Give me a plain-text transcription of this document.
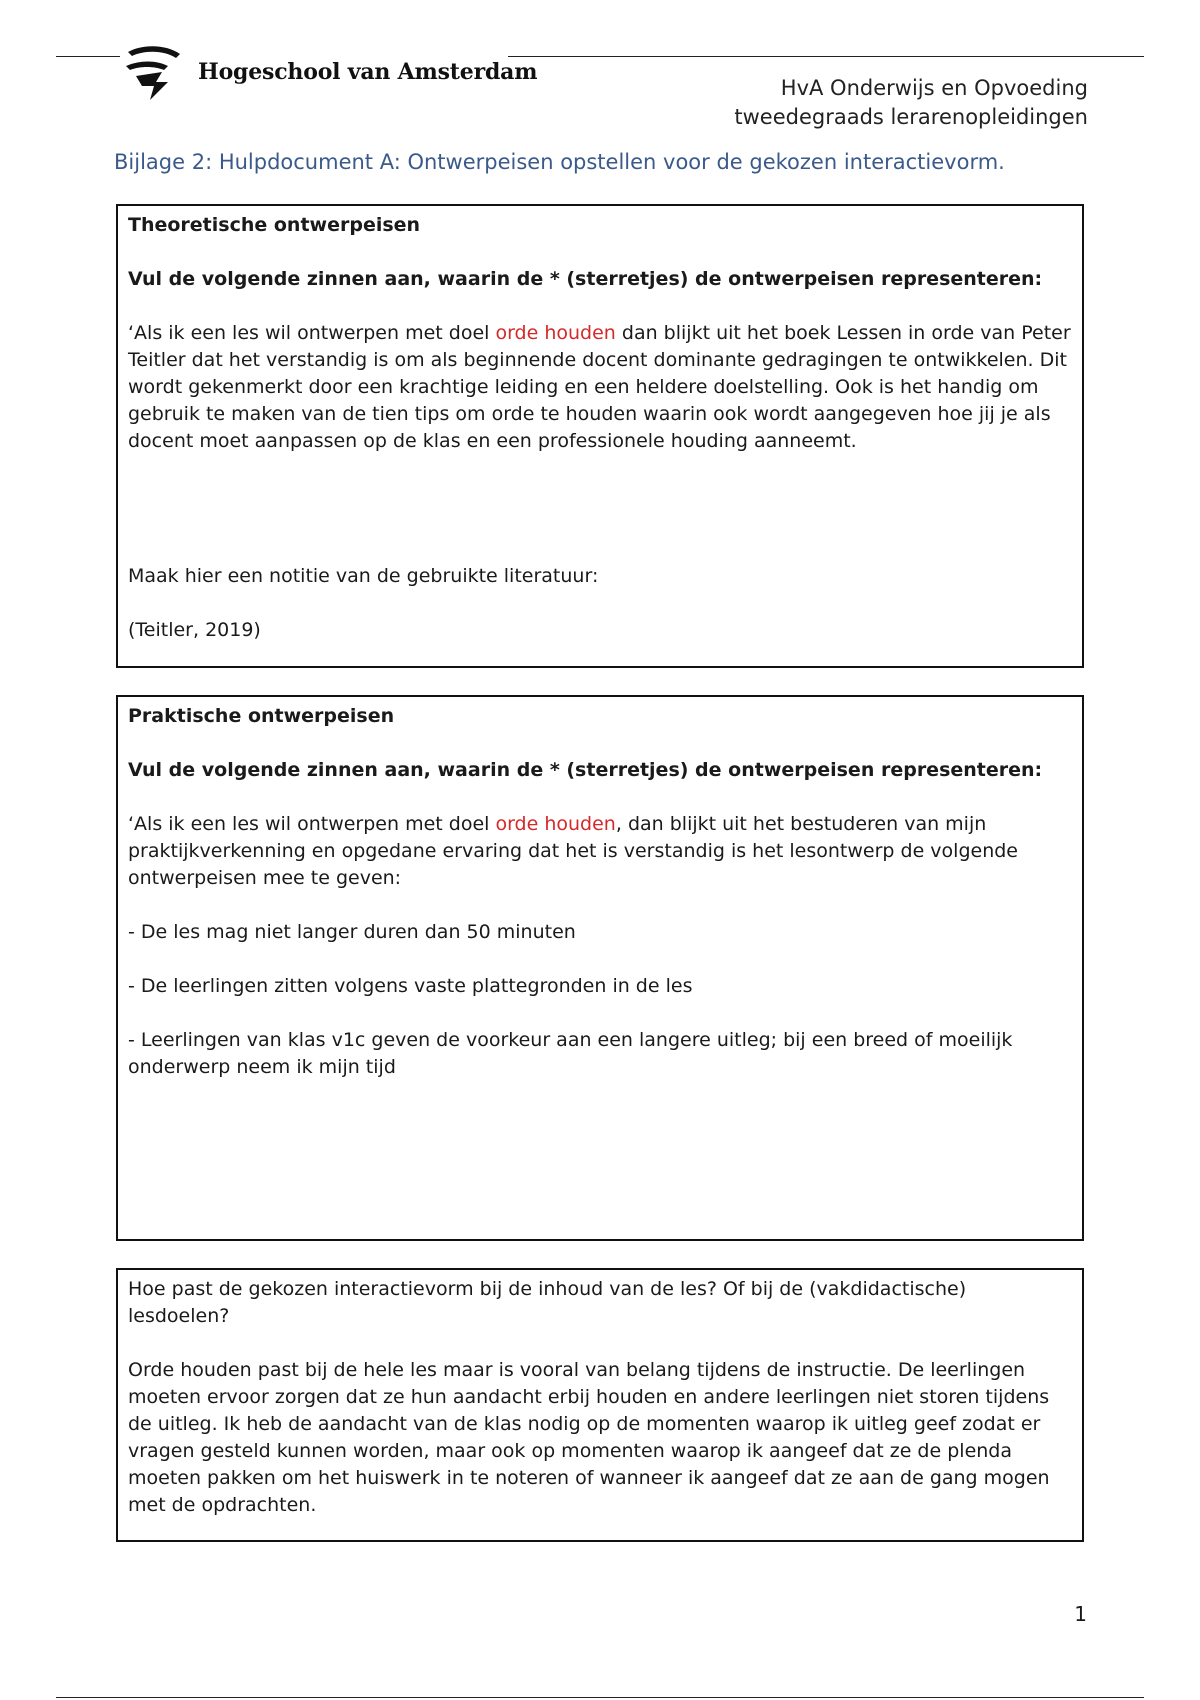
Hogeschool van Amsterdam
HvA Onderwijs en Opvoeding
tweedegraads lerarenopleidingen
Bijlage 2: Hulpdocument A: Ontwerpeisen opstellen voor de gekozen interactievorm.

Theoretische ontwerpeisen

Vul de volgende zinnen aan, waarin de * (sterretjes) de ontwerpeisen representeren:

‘Als ik een les wil ontwerpen met doel orde houden dan blijkt uit het boek Lessen in orde van Peter Teitler dat het verstandig is om als beginnende docent dominante gedragingen te ontwikkelen. Dit wordt gekenmerkt door een krachtige leiding en een heldere doelstelling. Ook is het handig om gebruik te maken van de tien tips om orde te houden waarin ook wordt aangegeven hoe jij je als docent moet aanpassen op de klas en een professionele houding aanneemt.

Maak hier een notitie van de gebruikte literatuur:

(Teitler, 2019)

Praktische ontwerpeisen

Vul de volgende zinnen aan, waarin de * (sterretjes) de ontwerpeisen representeren:

‘Als ik een les wil ontwerpen met doel orde houden, dan blijkt uit het bestuderen van mijn praktijkverkenning en opgedane ervaring dat het is verstandig is het lesontwerp de volgende ontwerpeisen mee te geven:

- De les mag niet langer duren dan 50 minuten

- De leerlingen zitten volgens vaste plattegronden in de les

- Leerlingen van klas v1c geven de voorkeur aan een langere uitleg; bij een breed of moeilijk onderwerp neem ik mijn tijd

Hoe past de gekozen interactievorm bij de inhoud van de les? Of bij de (vakdidactische) lesdoelen?

Orde houden past bij de hele les maar is vooral van belang tijdens de instructie. De leerlingen moeten ervoor zorgen dat ze hun aandacht erbij houden en andere leerlingen niet storen tijdens de uitleg. Ik heb de aandacht van de klas nodig op de momenten waarop ik uitleg geef zodat er vragen gesteld kunnen worden, maar ook op momenten waarop ik aangeef dat ze de plenda moeten pakken om het huiswerk in te noteren of wanneer ik aangeef dat ze aan de gang mogen met de opdrachten.

1
